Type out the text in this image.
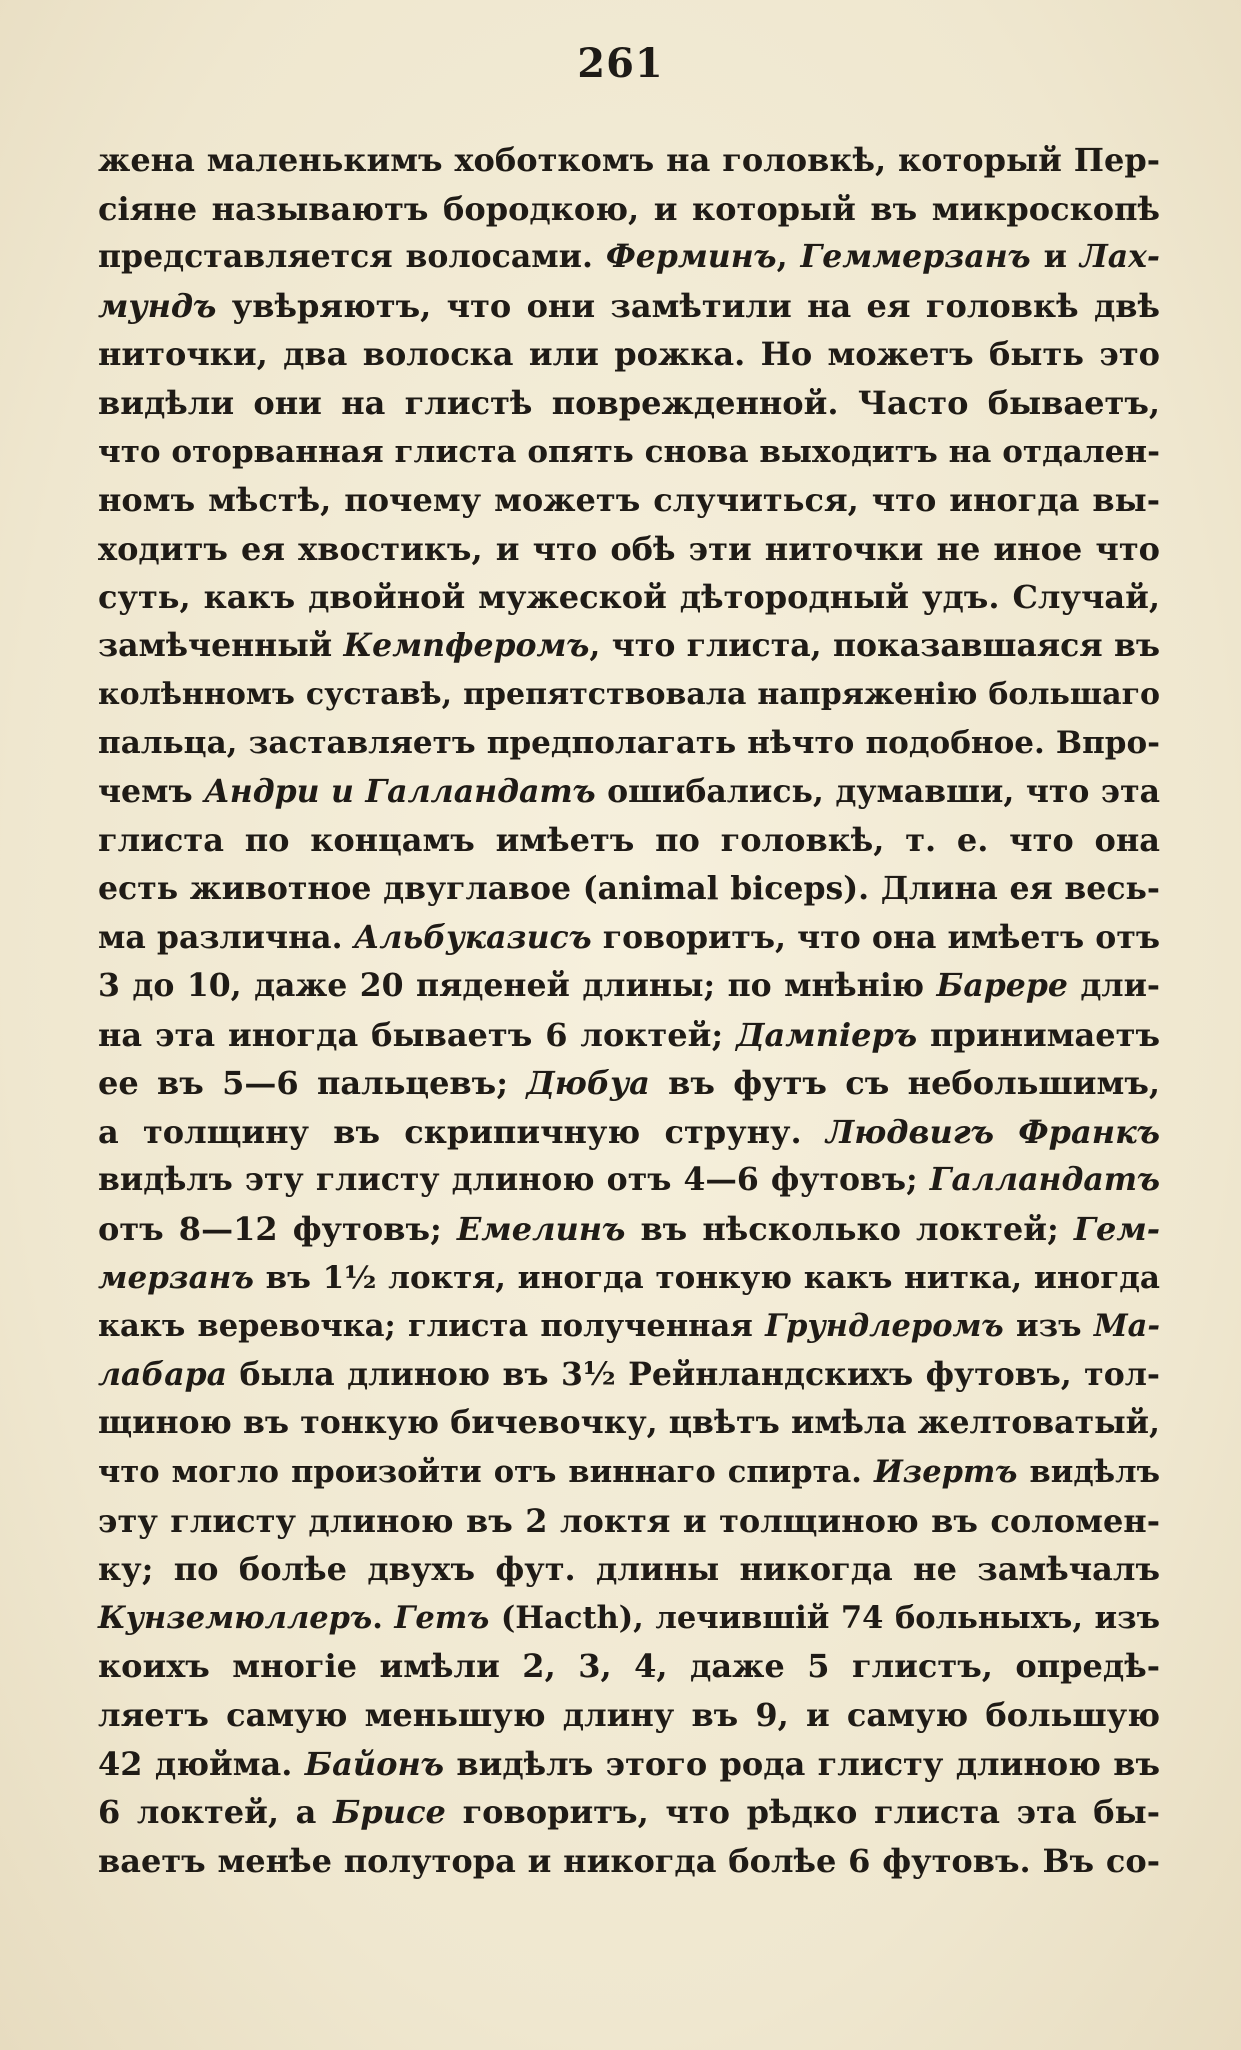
261
жена маленькимъ хоботкомъ на головкѣ, который Пер-
сіяне называютъ бородкою, и который въ микроскопѣ
представляется волосами. Ферминъ, Геммерзанъ и Лах-
мундъ увѣряютъ, что они замѣтили на ея головкѣ двѣ
ниточки, два волоска или рожка. Но можетъ быть это
видѣли они на глистѣ поврежденной. Часто бываетъ,
что оторванная глиста опять снова выходитъ на отдален-
номъ мѣстѣ, почему можетъ случиться, что иногда вы-
ходитъ ея хвостикъ, и что обѣ эти ниточки не иное что
суть, какъ двойной мужеской дѣтородный удъ. Случай,
замѣченный Кемпферомъ, что глиста, показавшаяся въ
колѣнномъ суставѣ, препятствовала напряженію большаго
пальца, заставляетъ предполагать нѣчто подобное. Впро-
чемъ Андри и Галландатъ ошибались, думавши, что эта
глиста по концамъ имѣетъ по головкѣ, т. е. что она
есть животное двуглавое (animal biceps). Длина ея весь-
ма различна. Альбуказисъ говоритъ, что она имѣетъ отъ
3 до 10, даже 20 пяденей длины; по мнѣнію Барере дли-
на эта иногда бываетъ 6 локтей; Дампіеръ принимаетъ
ее въ 5—6 пальцевъ; Дюбуа въ футъ съ небольшимъ,
а толщину въ скрипичную струну. Людвигъ Франкъ
видѣлъ эту глисту длиною отъ 4—6 футовъ; Галландатъ
отъ 8—12 футовъ; Емелинъ въ нѣсколько локтей; Гем-
мерзанъ въ 1½ локтя, иногда тонкую какъ нитка, иногда
какъ веревочка; глиста полученная Грундлеромъ изъ Ма-
лабара была длиною въ 3½ Рейнландскихъ футовъ, тол-
щиною въ тонкую бичевочку, цвѣтъ имѣла желтоватый,
что могло произойти отъ виннаго спирта. Изертъ видѣлъ
эту глисту длиною въ 2 локтя и толщиною въ соломен-
ку; по болѣе двухъ фут. длины никогда не замѣчалъ
Кунземюллеръ. Гетъ (Hacth), лечившій 74 больныхъ, изъ
коихъ многіе имѣли 2, 3, 4, даже 5 глистъ, опредѣ-
ляетъ самую меньшую длину въ 9, и самую большую
42 дюйма. Байонъ видѣлъ этого рода глисту длиною въ
6 локтей, а Брисе говоритъ, что рѣдко глиста эта бы-
ваетъ менѣе полутора и никогда болѣе 6 футовъ. Въ со-
